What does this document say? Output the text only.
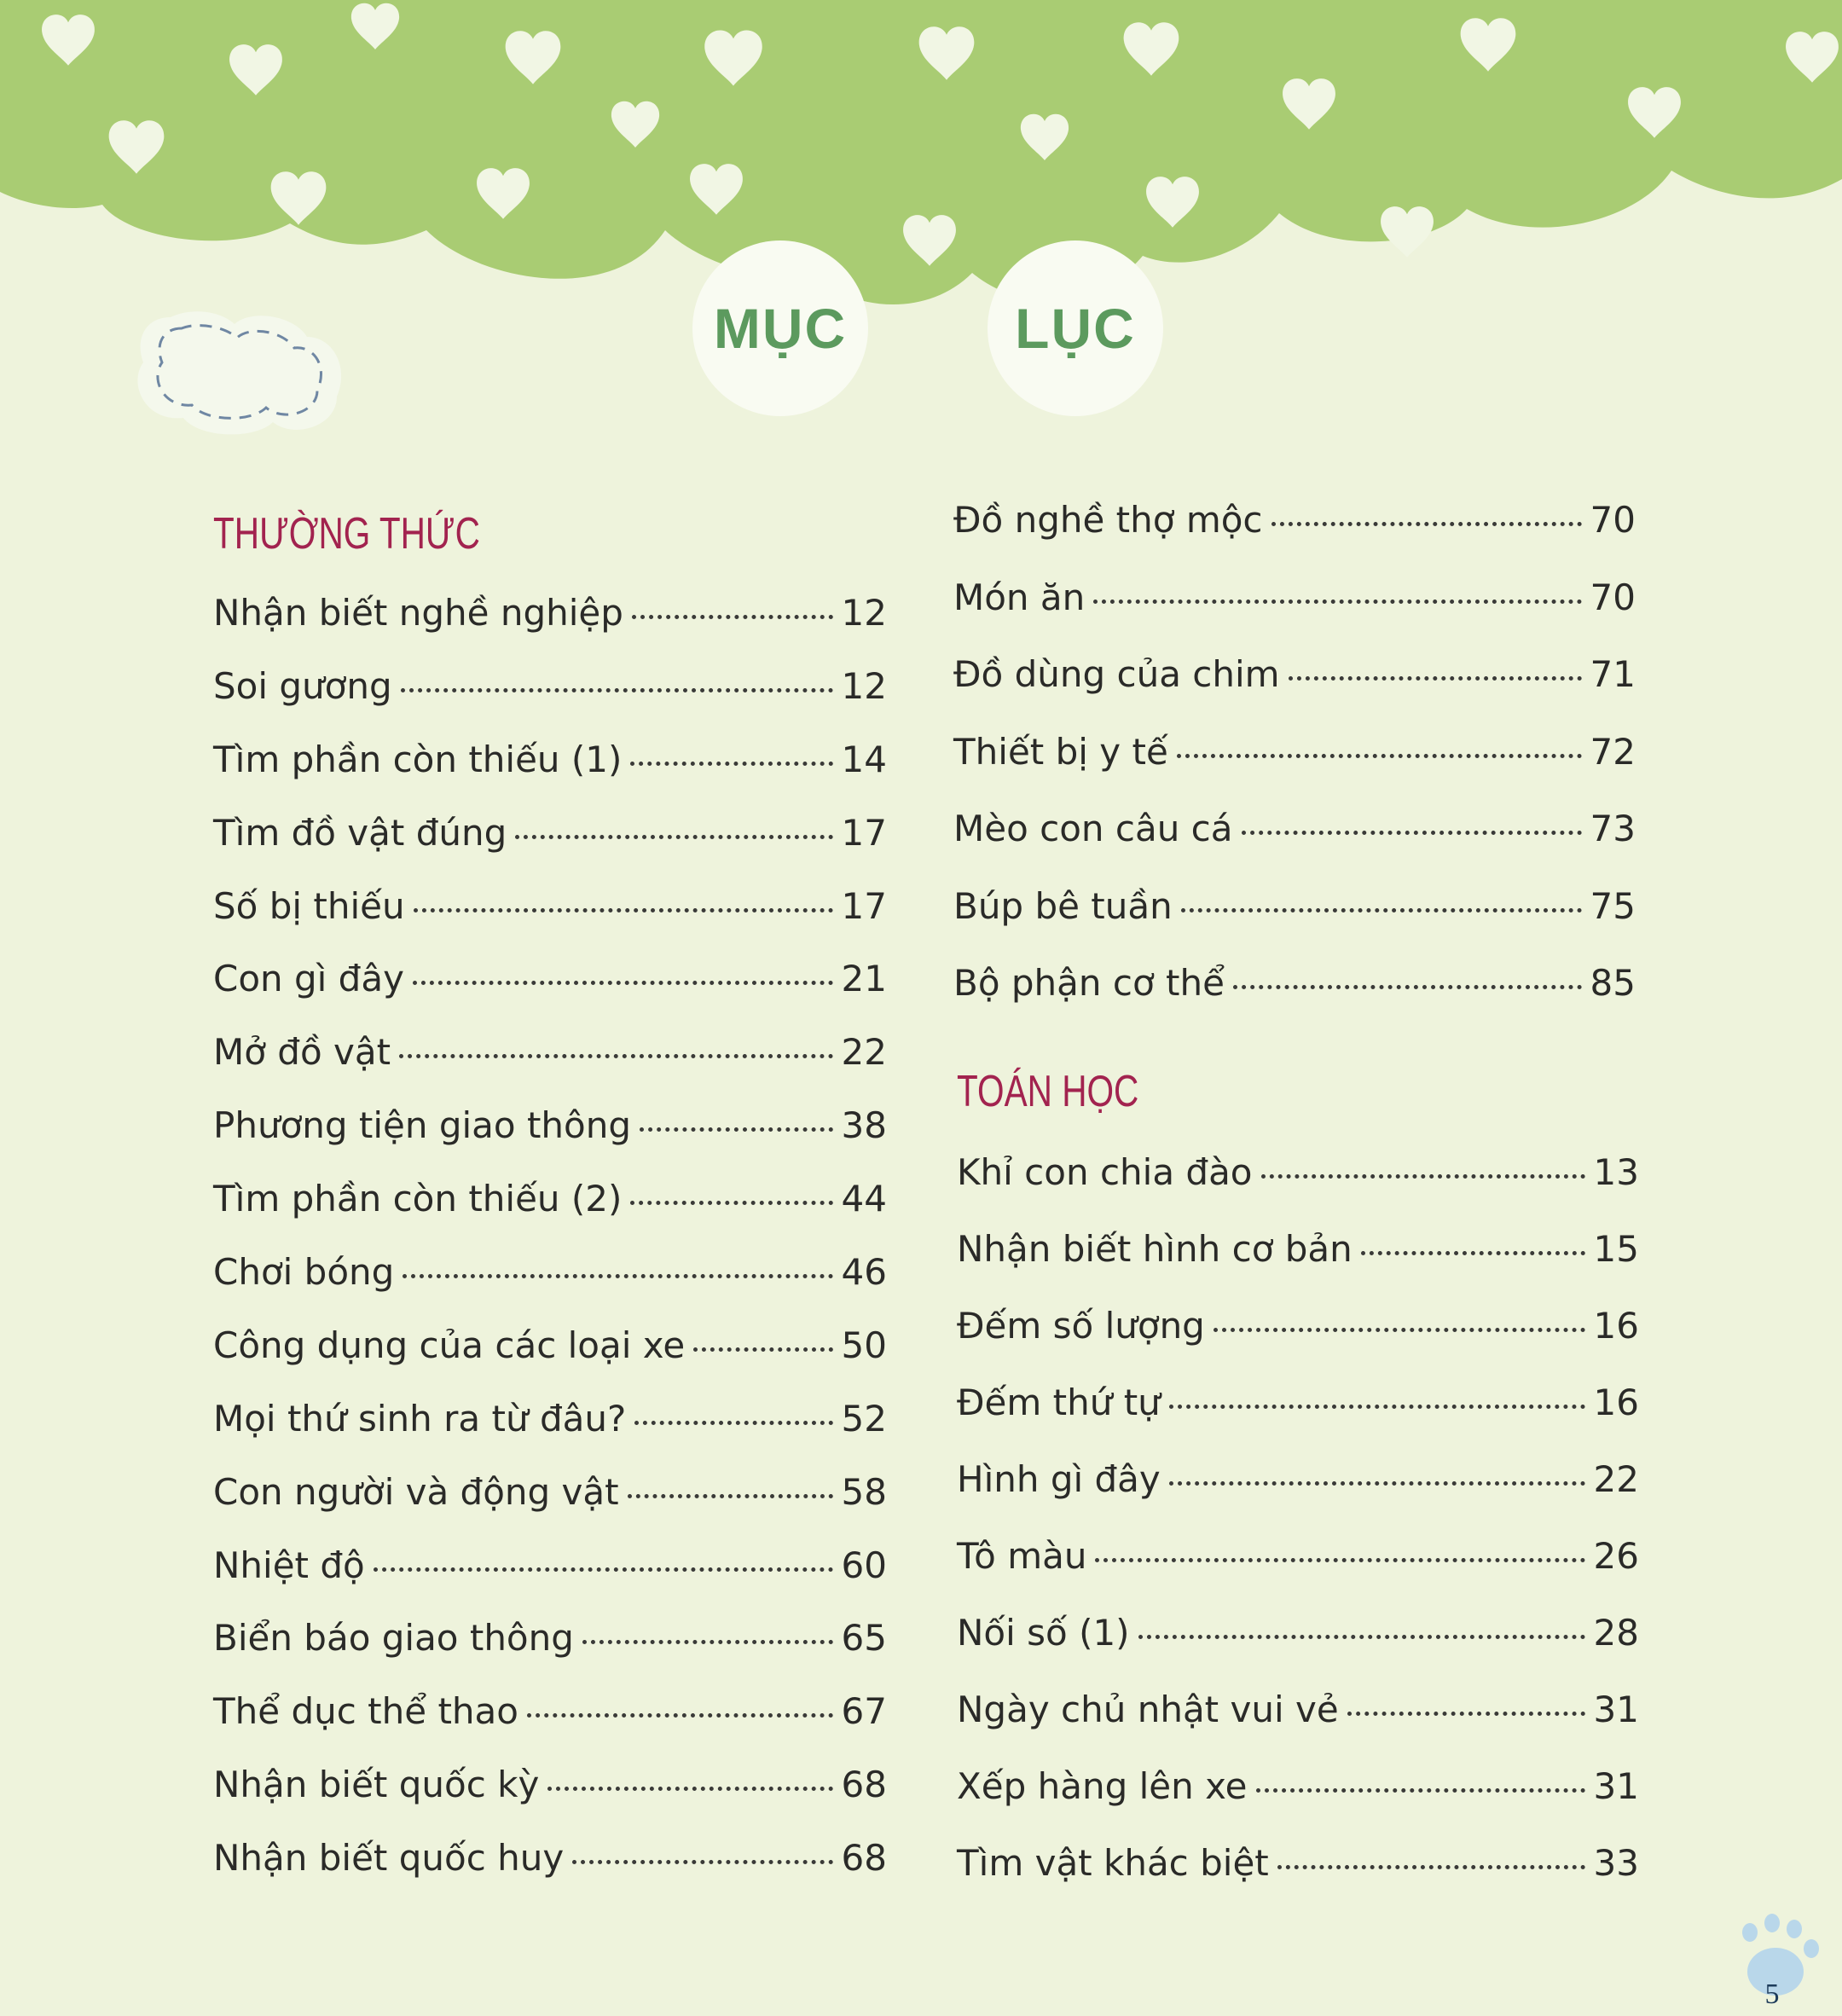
MỤC	LỤC
THƯỜNG THỨC
Nhận biết nghề nghiệp	12
Soi gương	12
Tìm phần còn thiếu (1)	14
Tìm đồ vật đúng	17
Số bị thiếu	17
Con gì đây	21
Mở đồ vật	22
Phương tiện giao thông	38
Tìm phần còn thiếu (2)	44
Chơi bóng	46
Công dụng của các loại xe	50
Mọi thứ sinh ra từ đâu?	52
Con người và động vật	58
Nhiệt độ	60
Biển báo giao thông	65
Thể dục thể thao	67
Nhận biết quốc kỳ	68
Nhận biết quốc huy	68
Đồ nghề thợ mộc	70
Món ăn	70
Đồ dùng của chim	71
Thiết bị y tế	72
Mèo con câu cá	73
Búp bê tuần	75
Bộ phận cơ thể	85
TOÁN HỌC
Khỉ con chia đào	13
Nhận biết hình cơ bản	15
Đếm số lượng	16
Đếm thứ tự	16
Hình gì đây	22
Tô màu	26
Nối số (1)	28
Ngày chủ nhật vui vẻ	31
Xếp hàng lên xe	31
Tìm vật khác biệt	33
5
